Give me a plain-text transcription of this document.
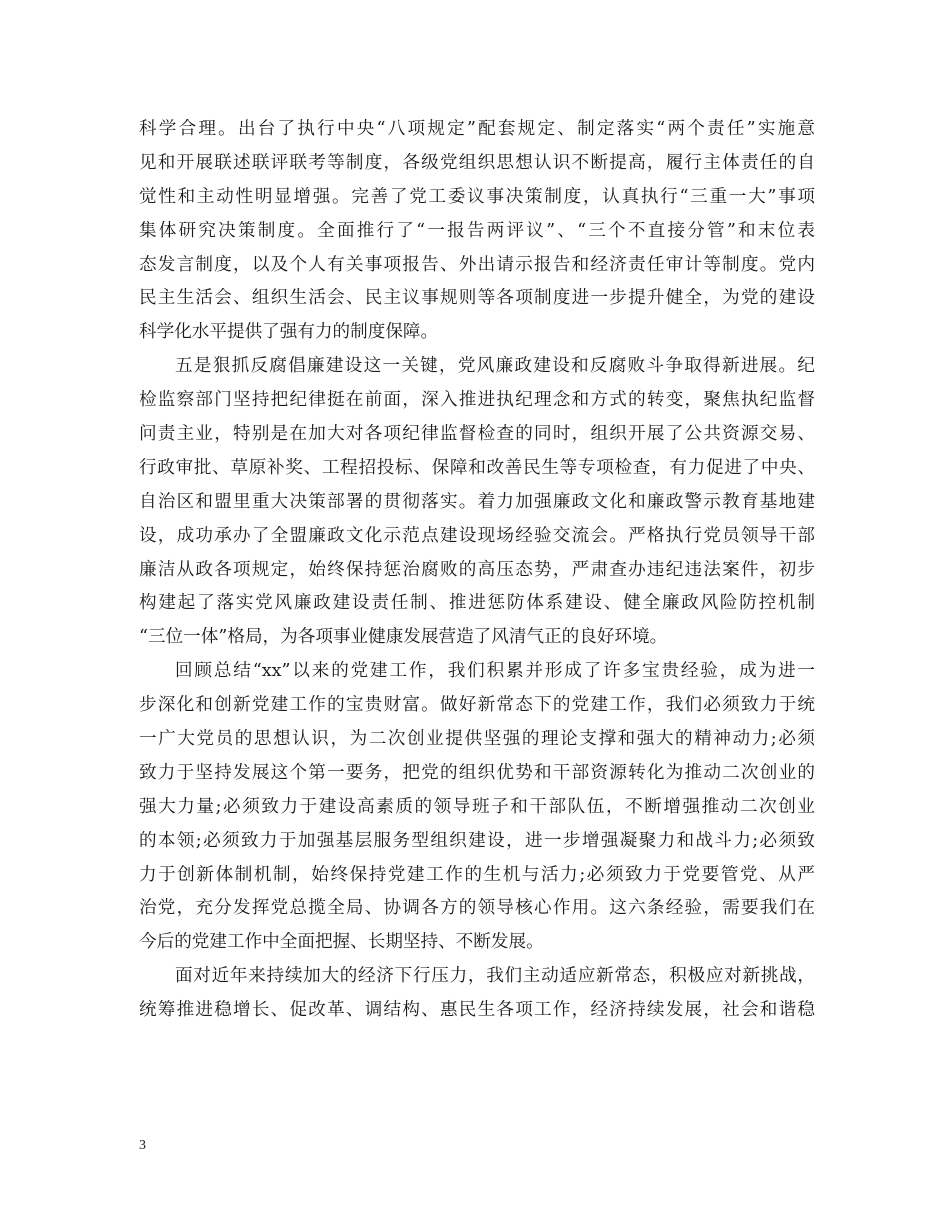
科学合理。出台了执行中央“八项规定”配套规定、制定落实“两个责任”实施意
见和开展联述联评联考等制度，各级党组织思想认识不断提高，履行主体责任的自
觉性和主动性明显增强。完善了党工委议事决策制度，认真执行“三重一大”事项
集体研究决策制度。全面推行了“一报告两评议”、“三个不直接分管”和末位表
态发言制度，以及个人有关事项报告、外出请示报告和经济责任审计等制度。党内
民主生活会、组织生活会、民主议事规则等各项制度进一步提升健全，为党的建设
科学化水平提供了强有力的制度保障。
五是狠抓反腐倡廉建设这一关键，党风廉政建设和反腐败斗争取得新进展。纪
检监察部门坚持把纪律挺在前面，深入推进执纪理念和方式的转变，聚焦执纪监督
问责主业，特别是在加大对各项纪律监督检查的同时，组织开展了公共资源交易、
行政审批、草原补奖、工程招投标、保障和改善民生等专项检查，有力促进了中央、
自治区和盟里重大决策部署的贯彻落实。着力加强廉政文化和廉政警示教育基地建
设，成功承办了全盟廉政文化示范点建设现场经验交流会。严格执行党员领导干部
廉洁从政各项规定，始终保持惩治腐败的高压态势，严肃查办违纪违法案件，初步
构建起了落实党风廉政建设责任制、推进惩防体系建设、健全廉政风险防控机制
“三位一体”格局，为各项事业健康发展营造了风清气正的良好环境。
回顾总结“xx”以来的党建工作，我们积累并形成了许多宝贵经验，成为进一
步深化和创新党建工作的宝贵财富。做好新常态下的党建工作，我们必须致力于统
一广大党员的思想认识，为二次创业提供坚强的理论支撑和强大的精神动力;必须
致力于坚持发展这个第一要务，把党的组织优势和干部资源转化为推动二次创业的
强大力量;必须致力于建设高素质的领导班子和干部队伍，不断增强推动二次创业
的本领;必须致力于加强基层服务型组织建设，进一步增强凝聚力和战斗力;必须致
力于创新体制机制，始终保持党建工作的生机与活力;必须致力于党要管党、从严
治党，充分发挥党总揽全局、协调各方的领导核心作用。这六条经验，需要我们在
今后的党建工作中全面把握、长期坚持、不断发展。
面对近年来持续加大的经济下行压力，我们主动适应新常态，积极应对新挑战，
统筹推进稳增长、促改革、调结构、惠民生各项工作，经济持续发展，社会和谐稳
3
